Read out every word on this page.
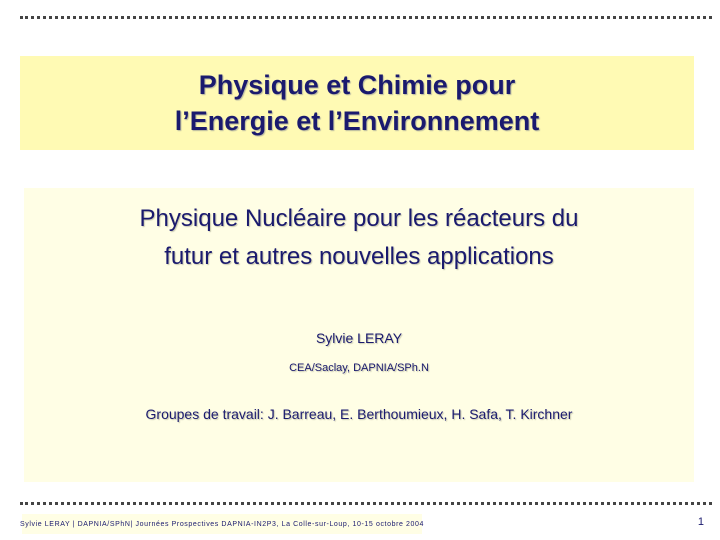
Physique et Chimie pour
l’Energie et l’Environnement
Physique Nucléaire pour les réacteurs du
futur et autres nouvelles applications
Sylvie LERAY
CEA/Saclay, DAPNIA/SPh.N
Groupes de travail: J. Barreau, E. Berthoumieux, H. Safa, T. Kirchner
Sylvie LERAY | DAPNIA/SPhN| Journées Prospectives DAPNIA-IN2P3, La Colle-sur-Loup, 10-15 octobre 2004	1
